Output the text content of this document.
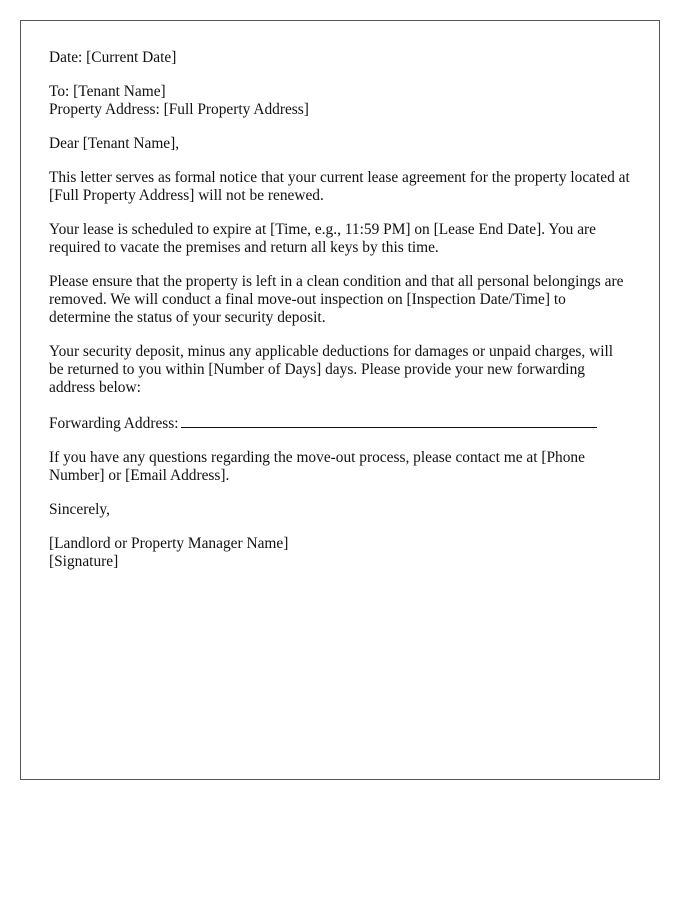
Date: [Current Date]

To: [Tenant Name]
Property Address: [Full Property Address]

Dear [Tenant Name],

This letter serves as formal notice that your current lease agreement for the property located at [Full Property Address] will not be renewed.

Your lease is scheduled to expire at [Time, e.g., 11:59 PM] on [Lease End Date]. You are required to vacate the premises and return all keys by this time.

Please ensure that the property is left in a clean condition and that all personal belongings are removed. We will conduct a final move-out inspection on [Inspection Date/Time] to determine the status of your security deposit.

Your security deposit, minus any applicable deductions for damages or unpaid charges, will be returned to you within [Number of Days] days. Please provide your new forwarding address below:

Forwarding Address:

If you have any questions regarding the move-out process, please contact me at [Phone Number] or [Email Address].

Sincerely,

[Landlord or Property Manager Name]
[Signature]
